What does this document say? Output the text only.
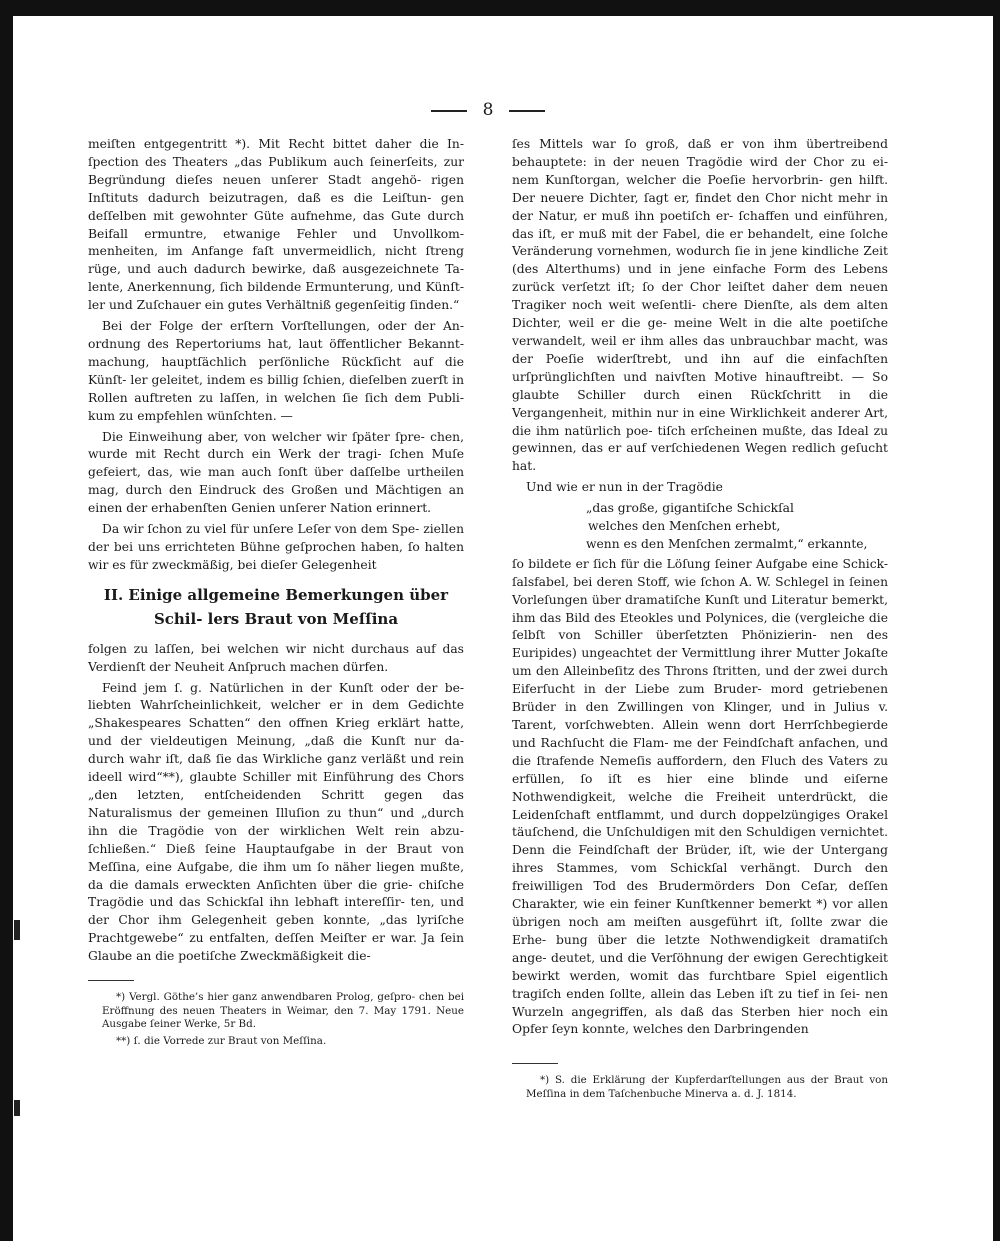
8

meiſten entgegentritt *). Mit Recht bittet daher die In- ſpection des Theaters „das Publikum auch ſeinerſeits, zur Begründung dieſes neuen unſerer Stadt angehö- rigen Inſtituts dadurch beizutragen, daß es die Leiſtun- gen deſſelben mit gewohnter Güte aufnehme, das Gute durch Beifall ermuntre, etwanige Fehler und Unvollkom- menheiten, im Anfange faſt unvermeidlich, nicht ſtreng rüge, und auch dadurch bewirke, daß ausgezeichnete Ta- lente, Anerkennung, ſich bildende Ermunterung, und Künſt- ler und Zuſchauer ein gutes Verhältniß gegenſeitig ſinden.“

Bei der Folge der erſtern Vorſtellungen, oder der An- ordnung des Repertoriums hat, laut öffentlicher Bekannt- machung, hauptſächlich perſönliche Rückſicht auf die Künſt- ler geleitet, indem es billig ſchien, dieſelben zuerſt in Rollen auftreten zu laſſen, in welchen ſie ſich dem Publi- kum zu empfehlen wünſchten. —

Die Einweihung aber, von welcher wir ſpäter ſpre- chen, wurde mit Recht durch ein Werk der tragi- ſchen Muſe gefeiert, das, wie man auch ſonſt über daſſelbe urtheilen mag, durch den Eindruck des Großen und Mächtigen an einen der erhabenſten Genien unſerer Nation erinnert.

Da wir ſchon zu viel für unſere Leſer von dem Spe- ziellen der bei uns errichteten Bühne geſprochen haben, ſo halten wir es für zweckmäßig, bei dieſer Gelegenheit

II. Einige allgemeine Bemerkungen über Schil- lers Braut von Meſſina

folgen zu laſſen, bei welchen wir nicht durchaus auf das Verdienſt der Neuheit Anſpruch machen dürfen.

Feind jem ſ. g. Natürlichen in der Kunſt oder der be- liebten Wahrſcheinlichkeit, welcher er in dem Gedichte „Shakespeares Schatten“ den offnen Krieg erklärt hatte, und der vieldeutigen Meinung, „daß die Kunſt nur da- durch wahr iſt, daß ſie das Wirkliche ganz verläßt und rein ideell wird“**), glaubte Schiller mit Einführung des Chors „den letzten, entſcheidenden Schritt gegen das Naturalismus der gemeinen Illuſion zu thun“ und „durch ihn die Tragödie von der wirklichen Welt rein abzu- ſchließen.“ Dieß ſeine Hauptaufgabe in der Braut von Meſſina, eine Aufgabe, die ihm um ſo näher liegen mußte, da die damals erweckten Anſichten über die grie- chiſche Tragödie und das Schickſal ihn lebhaft intereſſir- ten, und der Chor ihm Gelegenheit geben konnte, „das lyriſche Prachtgewebe“ zu entfalten, deſſen Meiſter er war. Ja ſein Glaube an die poetiſche Zweckmäßigkeit die-

*) Vergl. Göthe’s hier ganz anwendbaren Prolog, geſpro- chen bei Eröffnung des neuen Theaters in Weimar, den 7. May 1791. Neue Ausgabe ſeiner Werke, 5r Bd.

**) ſ. die Vorrede zur Braut von Meſſina.

ſes Mittels war ſo groß, daß er von ihm übertreibend behauptete: in der neuen Tragödie wird der Chor zu ei- nem Kunſtorgan, welcher die Poeſie hervorbrin- gen hilft. Der neuere Dichter, ſagt er, findet den Chor nicht mehr in der Natur, er muß ihn poetiſch er- ſchaffen und einführen, das iſt, er muß mit der Fabel, die er behandelt, eine ſolche Veränderung vornehmen, wodurch ſie in jene kindliche Zeit (des Alterthums) und in jene einfache Form des Lebens zurück verſetzt iſt; ſo der Chor leiſtet daher dem neuen Tragiker noch weit weſentli- chere Dienſte, als dem alten Dichter, weil er die ge- meine Welt in die alte poetiſche verwandelt, weil er ihm alles das unbrauchbar macht, was der Poeſie widerſtrebt, und ihn auf die einfachſten urſprünglichſten und naivſten Motive hinauftreibt. — So glaubte Schiller durch einen Rückſchritt in die Vergangenheit, mithin nur in eine Wirklichkeit anderer Art, die ihm natürlich poe- tiſch erſcheinen mußte, das Ideal zu gewinnen, das er auf verſchiedenen Wegen redlich geſucht hat.

Und wie er nun in der Tragödie

„das große, gigantiſche Schickſal
welches den Menſchen erhebt,
wenn es den Menſchen zermalmt,“ erkannte,

ſo bildete er ſich für die Löſung ſeiner Aufgabe eine Schick- ſalsfabel, bei deren Stoff, wie ſchon A. W. Schlegel in ſeinen Vorleſungen über dramatiſche Kunſt und Literatur bemerkt, ihm das Bild des Eteokles und Polynices, die (vergleiche die ſelbſt von Schiller überſetzten Phönizierin- nen des Euripides) ungeachtet der Vermittlung ihrer Mutter Jokaſte um den Alleinbeſitz des Throns ſtritten, und der zwei durch Eiferſucht in der Liebe zum Bruder- mord getriebenen Brüder in den Zwillingen von Klinger, und in Julius v. Tarent, vorſchwebten. Allein wenn dort Herrſchbegierde und Rachſucht die Flam- me der Feindſchaft anfachen, und die ſtrafende Nemeſis auffordern, den Fluch des Vaters zu erfüllen, ſo iſt es hier eine blinde und eiſerne Nothwendigkeit, welche die Freiheit unterdrückt, die Leidenſchaft entflammt, und durch doppelzüngiges Orakel täuſchend, die Unſchuldigen mit den Schuldigen vernichtet. Denn die Feindſchaft der Brüder, iſt, wie der Untergang ihres Stammes, vom Schickſal verhängt. Durch den freiwilligen Tod des Brudermörders Don Ceſar, deſſen Charakter, wie ein feiner Kunſtkenner bemerkt *) vor allen übrigen noch am meiſten ausgeführt iſt, ſollte zwar die Erhe- bung über die letzte Nothwendigkeit dramatiſch ange- deutet, und die Verſöhnung der ewigen Gerechtigkeit bewirkt werden, womit das furchtbare Spiel eigentlich tragiſch enden ſollte, allein das Leben iſt zu tief in ſei- nen Wurzeln angegriffen, als daß das Sterben hier noch ein Opfer ſeyn konnte, welches den Darbringenden

*) S. die Erklärung der Kupferdarſtellungen aus der Braut von Meſſina in dem Taſchenbuche Minerva a. d. J. 1814.
